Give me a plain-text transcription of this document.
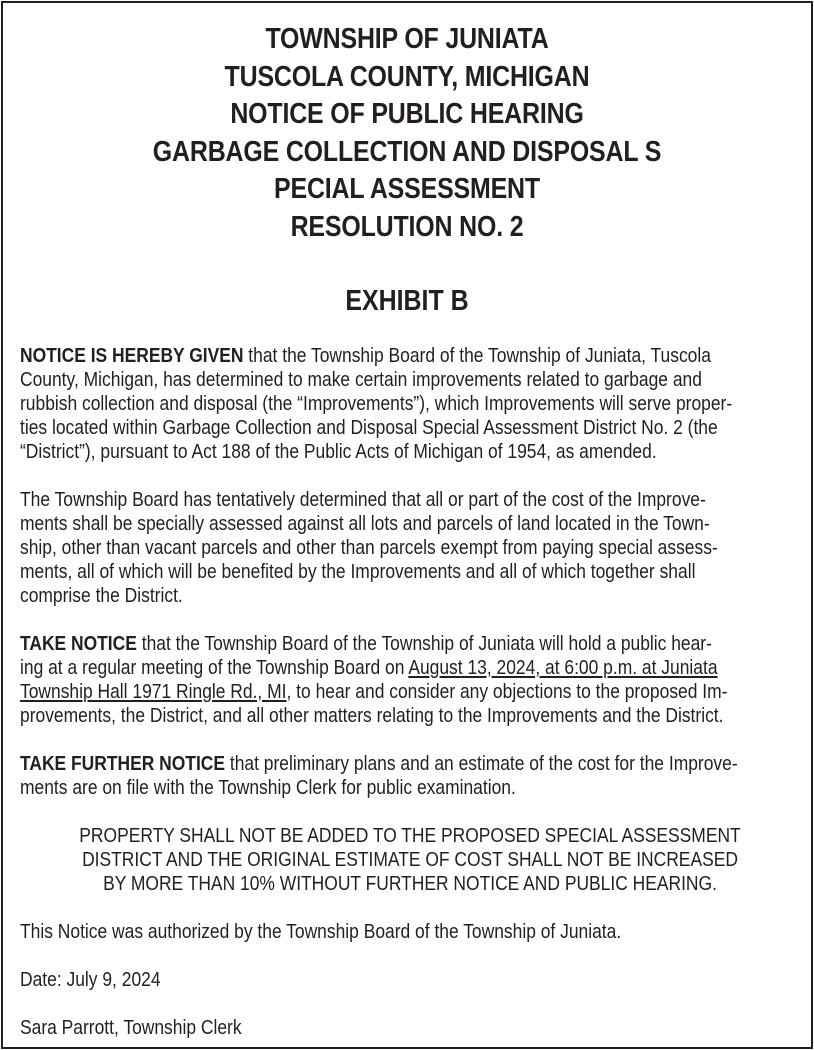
TOWNSHIP OF JUNIATA
TUSCOLA COUNTY, MICHIGAN
NOTICE OF PUBLIC HEARING
GARBAGE COLLECTION AND DISPOSAL S
PECIAL ASSESSMENT
RESOLUTION NO. 2
EXHIBIT B

NOTICE IS HEREBY GIVEN that the Township Board of the Township of Juniata, Tuscola
County, Michigan, has determined to make certain improvements related to garbage and
rubbish collection and disposal (the “Improvements”), which Improvements will serve proper-
ties located within Garbage Collection and Disposal Special Assessment District No. 2 (the
“District”), pursuant to Act 188 of the Public Acts of Michigan of 1954, as amended.

The Township Board has tentatively determined that all or part of the cost of the Improve-
ments shall be specially assessed against all lots and parcels of land located in the Town-
ship, other than vacant parcels and other than parcels exempt from paying special assess-
ments, all of which will be benefited by the Improvements and all of which together shall
comprise the District.

TAKE NOTICE that the Township Board of the Township of Juniata will hold a public hear-
ing at a regular meeting of the Township Board on August 13, 2024, at 6:00 p.m. at Juniata
Township Hall 1971 Ringle Rd., MI, to hear and consider any objections to the proposed Im-
provements, the District, and all other matters relating to the Improvements and the District.

TAKE FURTHER NOTICE that preliminary plans and an estimate of the cost for the Improve-
ments are on file with the Township Clerk for public examination.

PROPERTY SHALL NOT BE ADDED TO THE PROPOSED SPECIAL ASSESSMENT
DISTRICT AND THE ORIGINAL ESTIMATE OF COST SHALL NOT BE INCREASED
BY MORE THAN 10% WITHOUT FURTHER NOTICE AND PUBLIC HEARING.

This Notice was authorized by the Township Board of the Township of Juniata.

Date: July 9, 2024

Sara Parrott, Township Clerk
